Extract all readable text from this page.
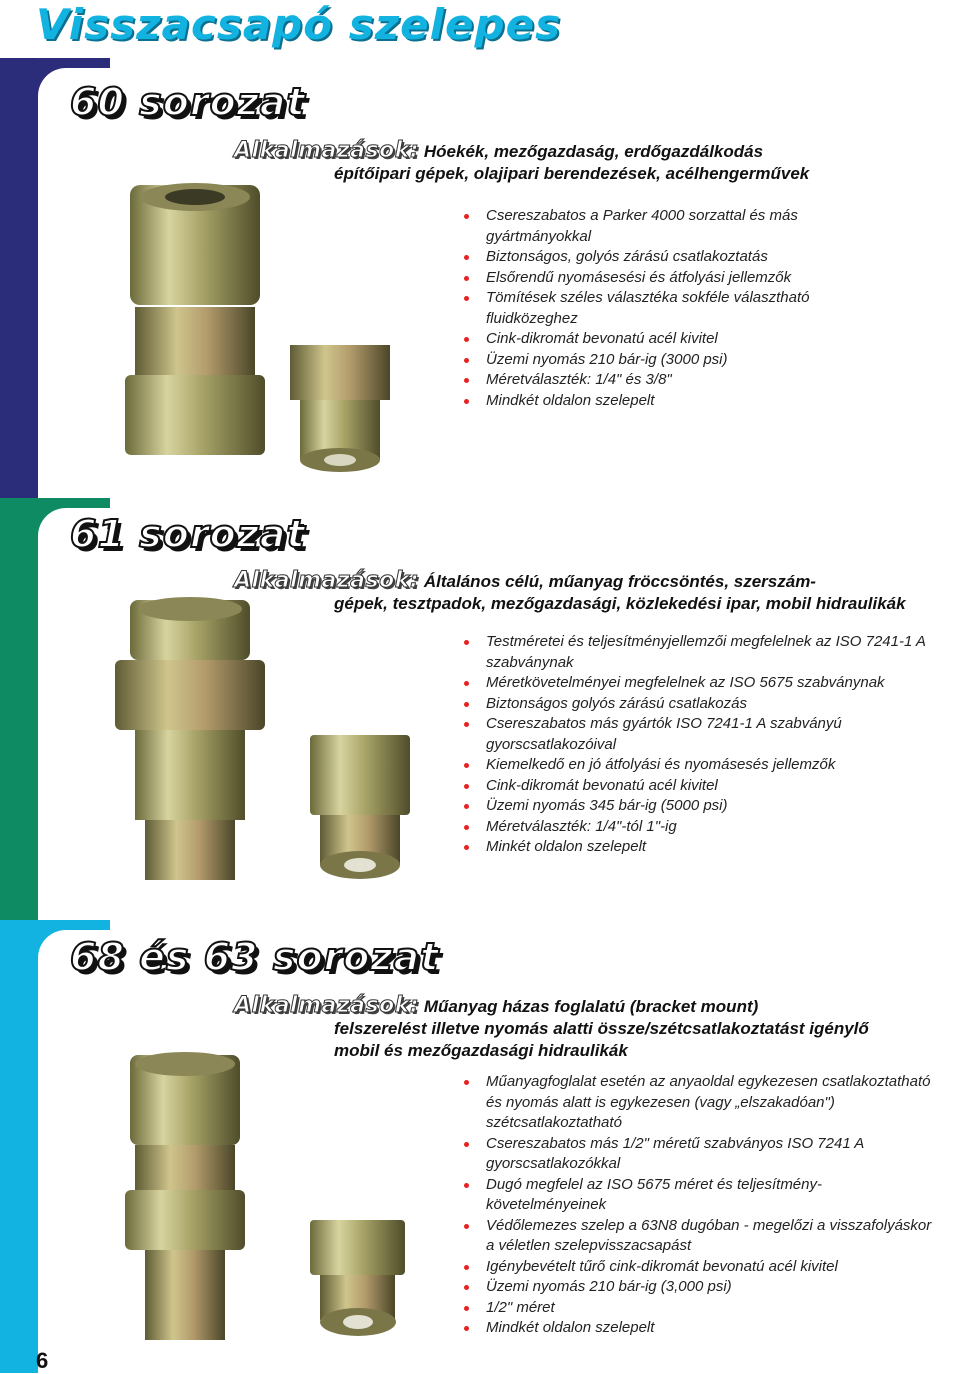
Visszacsapó szelepes
60 sorozat
Alkalmazások: Hóekék, mezőgazdaság, erdőgazdálkodás
építőipari gépek, olajipari berendezések, acélhengerművek
Csereszabatos a Parker 4000 sorzattal és más gyártmányokkal
Biztonságos, golyós zárású csatlakoztatás
Elsőrendű nyomásesési és átfolyási jellemzők
Tömítések széles választéka sokféle választható fluidközeghez
Cink-dikromát bevonatú acél kivitel
Üzemi nyomás 210 bár-ig (3000 psi)
Méretválaszték: 1/4" és 3/8"
Mindkét oldalon szelepelt
61 sorozat
Alkalmazások: Általános célú, műanyag fröccsöntés, szerszám-
gépek, tesztpadok, mezőgazdasági, közlekedési ipar, mobil hidraulikák
Testméretei és teljesítményjellemzői megfelelnek az ISO 7241-1 A szabványnak
Méretkövetelményei megfelelnek az ISO 5675 szabványnak
Biztonságos golyós zárású csatlakozás
Csereszabatos más gyártók ISO 7241-1 A szabványú gyorscsatlakozóival
Kiemelkedő en jó átfolyási és nyomásesés jellemzők
Cink-dikromát bevonatú acél kivitel
Üzemi nyomás 345 bár-ig (5000 psi)
Méretválaszték: 1/4"-tól 1"-ig
Minkét oldalon szelepelt
68 és 63 sorozat
Alkalmazások: Műanyag házas foglalatú (bracket mount)
felszerelést illetve nyomás alatti össze/szétcsatlakoztatást igénylő
mobil és mezőgazdasági hidraulikák
Műanyagfoglalat esetén az anyaoldal egykezesen csatlakoztatható és nyomás alatt is egykezesen (vagy „elszakadóan") szétcsatlakoztatható
Csereszabatos más 1/2" méretű szabványos ISO 7241 A gyorscsatlakozókkal
Dugó megfelel az ISO 5675 méret és teljesítmény-követelményeinek
Védőlemezes szelep a 63N8 dugóban - megelőzi a visszafolyáskor a véletlen szelepvisszacsapást
Igénybevételt tűrő cink-dikromát bevonatú acél kivitel
Üzemi nyomás 210 bár-ig (3,000 psi)
1/2" méret
Mindkét oldalon szelepelt
6
